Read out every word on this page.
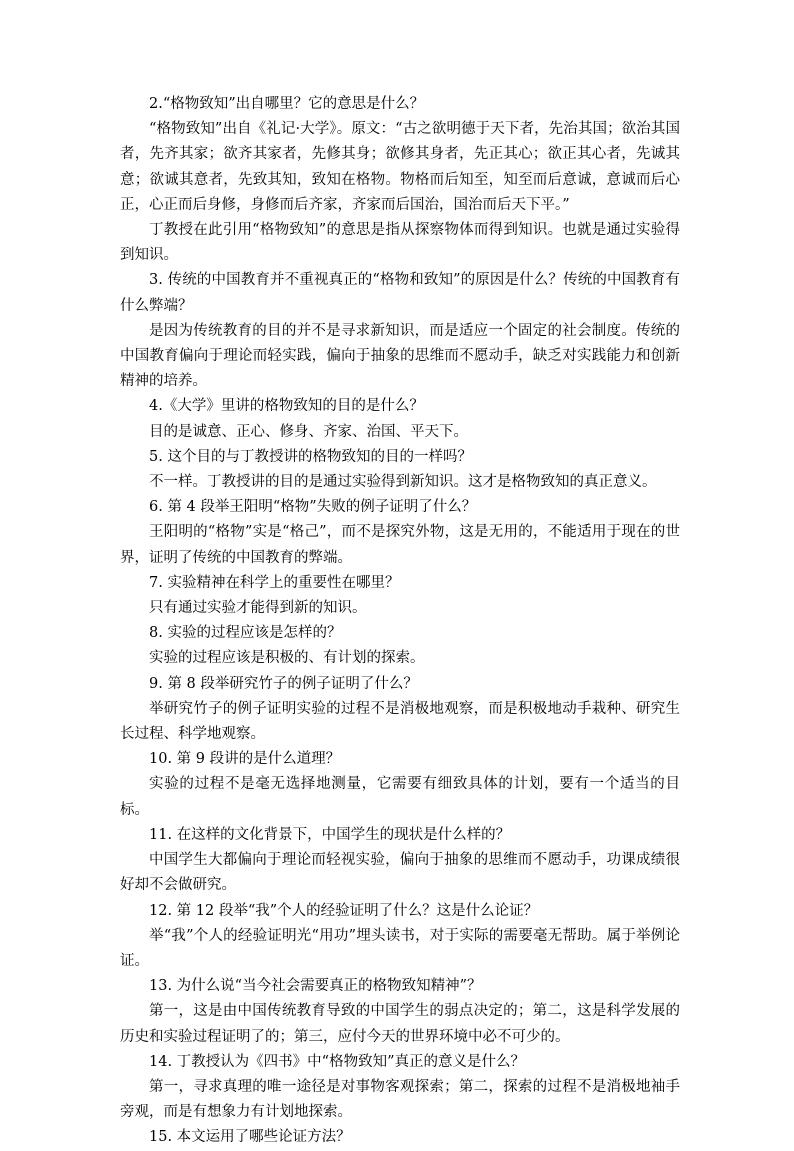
2.“格物致知”出自哪里？它的意思是什么？

“格物致知”出自《礼记·大学》。原文：“古之欲明德于天下者，先治其国；欲治其国者，先齐其家；欲齐其家者，先修其身；欲修其身者，先正其心；欲正其心者，先诚其意；欲诚其意者，先致其知，致知在格物。物格而后知至，知至而后意诚，意诚而后心正，心正而后身修，身修而后齐家，齐家而后国治，国治而后天下平。”

丁教授在此引用“格物致知”的意思是指从探察物体而得到知识。也就是通过实验得到知识。

3. 传统的中国教育并不重视真正的“格物和致知”的原因是什么？传统的中国教育有什么弊端？

是因为传统教育的目的并不是寻求新知识，而是适应一个固定的社会制度。传统的中国教育偏向于理论而轻实践，偏向于抽象的思维而不愿动手，缺乏对实践能力和创新精神的培养。

4.《大学》里讲的格物致知的目的是什么？

目的是诚意、正心、修身、齐家、治国、平天下。

5. 这个目的与丁教授讲的格物致知的目的一样吗？

不一样。丁教授讲的目的是通过实验得到新知识。这才是格物致知的真正意义。

6. 第 4 段举王阳明“格物”失败的例子证明了什么？

王阳明的“格物”实是“格己”，而不是探究外物，这是无用的，不能适用于现在的世界，证明了传统的中国教育的弊端。

7. 实验精神在科学上的重要性在哪里？

只有通过实验才能得到新的知识。

8. 实验的过程应该是怎样的？

实验的过程应该是积极的、有计划的探索。

9. 第 8 段举研究竹子的例子证明了什么？

举研究竹子的例子证明实验的过程不是消极地观察，而是积极地动手栽种、研究生长过程、科学地观察。

10. 第 9 段讲的是什么道理？

实验的过程不是毫无选择地测量，它需要有细致具体的计划，要有一个适当的目标。

11. 在这样的文化背景下，中国学生的现状是什么样的？

中国学生大都偏向于理论而轻视实验，偏向于抽象的思维而不愿动手，功课成绩很好却不会做研究。

12. 第 12 段举“我”个人的经验证明了什么？这是什么论证？

举“我”个人的经验证明光“用功”埋头读书，对于实际的需要毫无帮助。属于举例论证。

13. 为什么说“当今社会需要真正的格物致知精神”？

第一，这是由中国传统教育导致的中国学生的弱点决定的；第二，这是科学发展的历史和实验过程证明了的；第三，应付今天的世界环境中必不可少的。

14. 丁教授认为《四书》中“格物致知”真正的意义是什么？

第一，寻求真理的唯一途径是对事物客观探索；第二，探索的过程不是消极地袖手旁观，而是有想象力有计划地探索。

15. 本文运用了哪些论证方法？
